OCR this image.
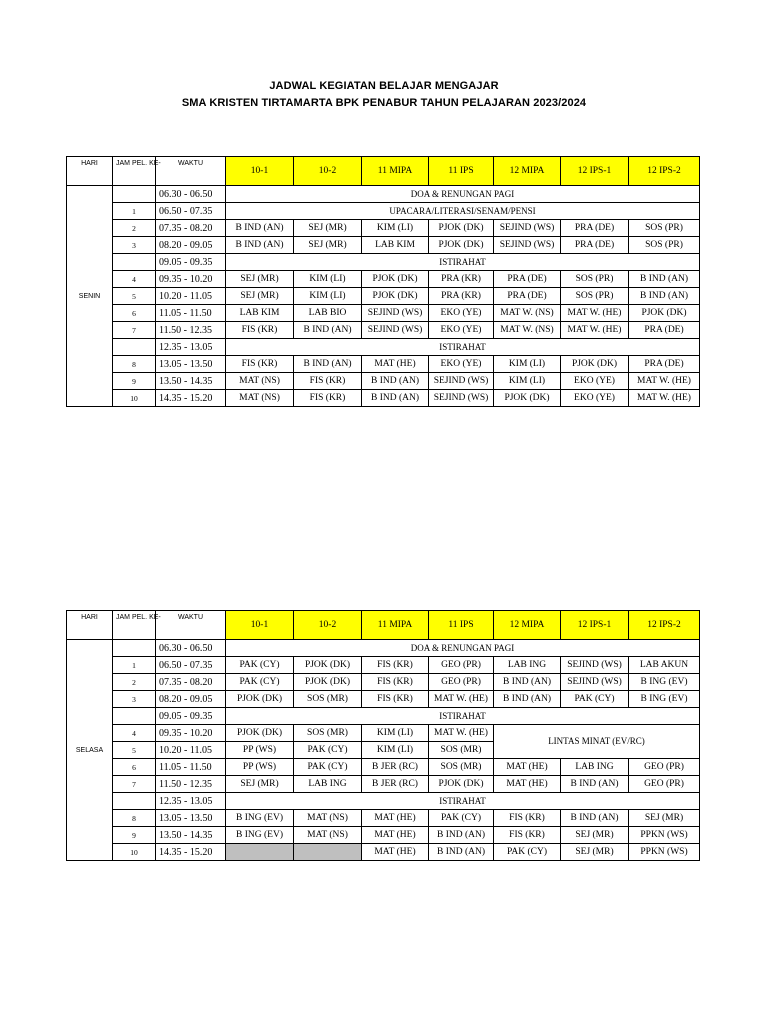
JADWAL KEGIATAN BELAJAR MENGAJAR
SMA KRISTEN TIRTAMARTA BPK PENABUR TAHUN PELAJARAN 2023/2024
HARI	JAM PEL. KE-	WAKTU	10-1	10-2	11 MIPA	11 IPS	12 MIPA	12 IPS-1	12 IPS-2
SENIN		06.30 - 06.50	DOA & RENUNGAN PAGI						
	1	06.50 - 07.35	UPACARA/LITERASI/SENAM/PENSI						
	2	07.35 - 08.20	B IND (AN)	SEJ (MR)	KIM (LI)	PJOK (DK)	SEJIND (WS)	PRA (DE)	SOS (PR)
	3	08.20 - 09.05	B IND (AN)	SEJ (MR)	LAB KIM	PJOK (DK)	SEJIND (WS)	PRA (DE)	SOS (PR)
		09.05 - 09.35	ISTIRAHAT						
	4	09.35 - 10.20	SEJ (MR)	KIM (LI)	PJOK (DK)	PRA (KR)	PRA (DE)	SOS (PR)	B IND (AN)
	5	10.20 - 11.05	SEJ (MR)	KIM (LI)	PJOK (DK)	PRA (KR)	PRA (DE)	SOS (PR)	B IND (AN)
	6	11.05 - 11.50	LAB KIM	LAB BIO	SEJIND (WS)	EKO (YE)	MAT W. (NS)	MAT W. (HE)	PJOK (DK)
	7	11.50 - 12.35	FIS (KR)	B IND (AN)	SEJIND (WS)	EKO (YE)	MAT W. (NS)	MAT W. (HE)	PRA (DE)
		12.35 - 13.05	ISTIRAHAT						
	8	13.05 - 13.50	FIS (KR)	B IND (AN)	MAT (HE)	EKO (YE)	KIM (LI)	PJOK (DK)	PRA (DE)
	9	13.50 - 14.35	MAT (NS)	FIS (KR)	B IND (AN)	SEJIND (WS)	KIM (LI)	EKO (YE)	MAT W. (HE)
	10	14.35 - 15.20	MAT (NS)	FIS (KR)	B IND (AN)	SEJIND (WS)	PJOK (DK)	EKO (YE)	MAT W. (HE)
HARI	JAM PEL. KE-	WAKTU	10-1	10-2	11 MIPA	11 IPS	12 MIPA	12 IPS-1	12 IPS-2
SELASA		06.30 - 06.50	DOA & RENUNGAN PAGI						
	1	06.50 - 07.35	PAK (CY)	PJOK (DK)	FIS (KR)	GEO (PR)	LAB ING	SEJIND (WS)	LAB AKUN
	2	07.35 - 08.20	PAK (CY)	PJOK (DK)	FIS (KR)	GEO (PR)	B IND (AN)	SEJIND (WS)	B ING (EV)
	3	08.20 - 09.05	PJOK (DK)	SOS (MR)	FIS (KR)	MAT W. (HE)	B IND (AN)	PAK (CY)	B ING (EV)
		09.05 - 09.35	ISTIRAHAT						
	4	09.35 - 10.20	PJOK (DK)	SOS (MR)	KIM (LI)	MAT W. (HE)	LINTAS MINAT (EV/RC)		
	5	10.20 - 11.05	PP (WS)	PAK (CY)	KIM (LI)	SOS (MR)			
	6	11.05 - 11.50	PP (WS)	PAK (CY)	B JER (RC)	SOS (MR)	MAT (HE)	LAB ING	GEO (PR)
	7	11.50 - 12.35	SEJ (MR)	LAB ING	B JER (RC)	PJOK (DK)	MAT (HE)	B IND (AN)	GEO (PR)
		12.35 - 13.05	ISTIRAHAT						
	8	13.05 - 13.50	B ING (EV)	MAT (NS)	MAT (HE)	PAK (CY)	FIS (KR)	B IND (AN)	SEJ (MR)
	9	13.50 - 14.35	B ING (EV)	MAT (NS)	MAT (HE)	B IND (AN)	FIS (KR)	SEJ (MR)	PPKN (WS)
	10	14.35 - 15.20			MAT (HE)	B IND (AN)	PAK (CY)	SEJ (MR)	PPKN (WS)
